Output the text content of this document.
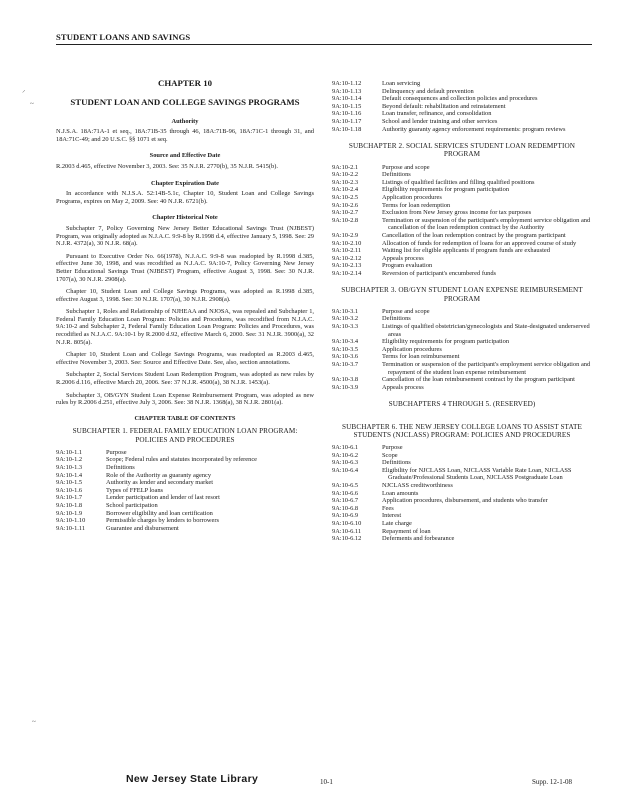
STUDENT LOANS AND SAVINGS
⸝
~
~
CHAPTER 10
STUDENT LOAN AND COLLEGE SAVINGS PROGRAMS
Authority
N.J.S.A. 18A:71A-1 et seq., 18A:71B-35 through 46, 18A:71B-96, 18A:71C-1 through 31, and 18A:71C-49; and 20 U.S.C. §§ 1071 et seq.
Source and Effective Date
R.2003 d.465, effective November 3, 2003. See: 35 N.J.R. 2770(b), 35 N.J.R. 5415(b).
Chapter Expiration Date
In accordance with N.J.S.A. 52:14B-5.1c, Chapter 10, Student Loan and College Savings Programs, expires on May 2, 2009. See: 40 N.J.R. 6721(b).
Chapter Historical Note
Subchapter 7, Policy Governing New Jersey Better Educational Savings Trust (NJBEST) Program, was originally adopted as N.J.A.C. 9:9-8 by R.1998 d.4, effective January 5, 1998. See: 29 N.J.R. 4372(a), 30 N.J.R. 68(a).
Pursuant to Executive Order No. 66(1978), N.J.A.C. 9:9-8 was readopted by R.1998 d.385, effective June 30, 1998, and was recodified as N.J.A.C. 9A:10-7, Policy Governing New Jersey Better Educational Savings Trust (NJBEST) Program, effective August 3, 1998. See: 30 N.J.R. 1707(a), 30 N.J.R. 2908(a).
Chapter 10, Student Loan and College Savings Programs, was adopted as R.1998 d.385, effective August 3, 1998. See: 30 N.J.R. 1707(a), 30 N.J.R. 2908(a).
Subchapter 1, Roles and Relationship of NJHEAA and NJOSA, was repealed and Subchapter 1, Federal Family Education Loan Program: Policies and Procedures, was recodified from N.J.A.C. 9A:10-2 and Subchapter 2, Federal Family Education Loan Program: Policies and Procedures, was recodified as N.J.A.C. 9A:10-1 by R.2000 d.92, effective March 6, 2000. See: 31 N.J.R. 3900(a), 32 N.J.R. 805(a).
Chapter 10, Student Loan and College Savings Programs, was readopted as R.2003 d.465, effective November 3, 2003. See: Source and Effective Date. See, also, section annotations.
Subchapter 2, Social Services Student Loan Redemption Program, was adopted as new rules by R.2006 d.116, effective March 20, 2006. See: 37 N.J.R. 4500(a), 38 N.J.R. 1453(a).
Subchapter 3, OB/GYN Student Loan Expense Reimbursement Program, was adopted as new rules by R.2006 d.251, effective July 3, 2006. See: 38 N.J.R. 1368(a), 38 N.J.R. 2801(a).
CHAPTER TABLE OF CONTENTS
SUBCHAPTER 1. FEDERAL FAMILY EDUCATION LOAN PROGRAM: POLICIES AND PROCEDURES
9A:10-1.1	Purpose
9A:10-1.2	Scope; Federal rules and statutes incorporated by reference
9A:10-1.3	Definitions
9A:10-1.4	Role of the Authority as guaranty agency
9A:10-1.5	Authority as lender and secondary market
9A:10-1.6	Types of FFELP loans
9A:10-1.7	Lender participation and lender of last resort
9A:10-1.8	School participation
9A:10-1.9	Borrower eligibility and loan certification
9A:10-1.10	Permissible charges by lenders to borrowers
9A:10-1.11	Guarantee and disbursement
9A:10-1.12	Loan servicing
9A:10-1.13	Delinquency and default prevention
9A:10-1.14	Default consequences and collection policies and procedures
9A:10-1.15	Beyond default: rehabilitation and reinstatement
9A:10-1.16	Loan transfer, refinance, and consolidation
9A:10-1.17	School and lender training and other services
9A:10-1.18	Authority guaranty agency enforcement requirements: program reviews
SUBCHAPTER 2. SOCIAL SERVICES STUDENT LOAN REDEMPTION PROGRAM
9A:10-2.1	Purpose and scope
9A:10-2.2	Definitions
9A:10-2.3	Listings of qualified facilities and filling qualified positions
9A:10-2.4	Eligibility requirements for program participation
9A:10-2.5	Application procedures
9A:10-2.6	Terms for loan redemption
9A:10-2.7	Exclusion from New Jersey gross income for tax purposes
9A:10-2.8	Termination or suspension of the participant's employment service obligation and cancellation of the loan redemption contract by the Authority
9A:10-2.9	Cancellation of the loan redemption contract by the program participant
9A:10-2.10	Allocation of funds for redemption of loans for an approved course of study
9A:10-2.11	Waiting list for eligible applicants if program funds are exhausted
9A:10-2.12	Appeals process
9A:10-2.13	Program evaluation
9A:10-2.14	Reversion of participant's encumbered funds
SUBCHAPTER 3. OB/GYN STUDENT LOAN EXPENSE REIMBURSEMENT PROGRAM
9A:10-3.1	Purpose and scope
9A:10-3.2	Definitions
9A:10-3.3	Listings of qualified obstetrician/gynecologists and State-designated underserved areas
9A:10-3.4	Eligibility requirements for program participation
9A:10-3.5	Application procedures
9A:10-3.6	Terms for loan reimbursement
9A:10-3.7	Termination or suspension of the participant's employment service obligation and repayment of the student loan expense reimbursement
9A:10-3.8	Cancellation of the loan reimbursement contract by the program participant
9A:10-3.9	Appeals process
SUBCHAPTERS 4 THROUGH 5. (RESERVED)
SUBCHAPTER 6. THE NEW JERSEY COLLEGE LOANS TO ASSIST STATE STUDENTS (NJCLASS) PROGRAM: POLICIES AND PROCEDURES
9A:10-6.1	Purpose
9A:10-6.2	Scope
9A:10-6.3	Definitions
9A:10-6.4	Eligibility for NJCLASS Loan, NJCLASS Variable Rate Loan, NJCLASS Graduate/Professional Students Loan, NJCLASS Postgraduate Loan
9A:10-6.5	NJCLASS creditworthiness
9A:10-6.6	Loan amounts
9A:10-6.7	Application procedures, disbursement, and students who transfer
9A:10-6.8	Fees
9A:10-6.9	Interest
9A:10-6.10	Late charge
9A:10-6.11	Repayment of loan
9A:10-6.12	Deferments and forbearance
New Jersey State Library	10-1	Supp. 12-1-08
